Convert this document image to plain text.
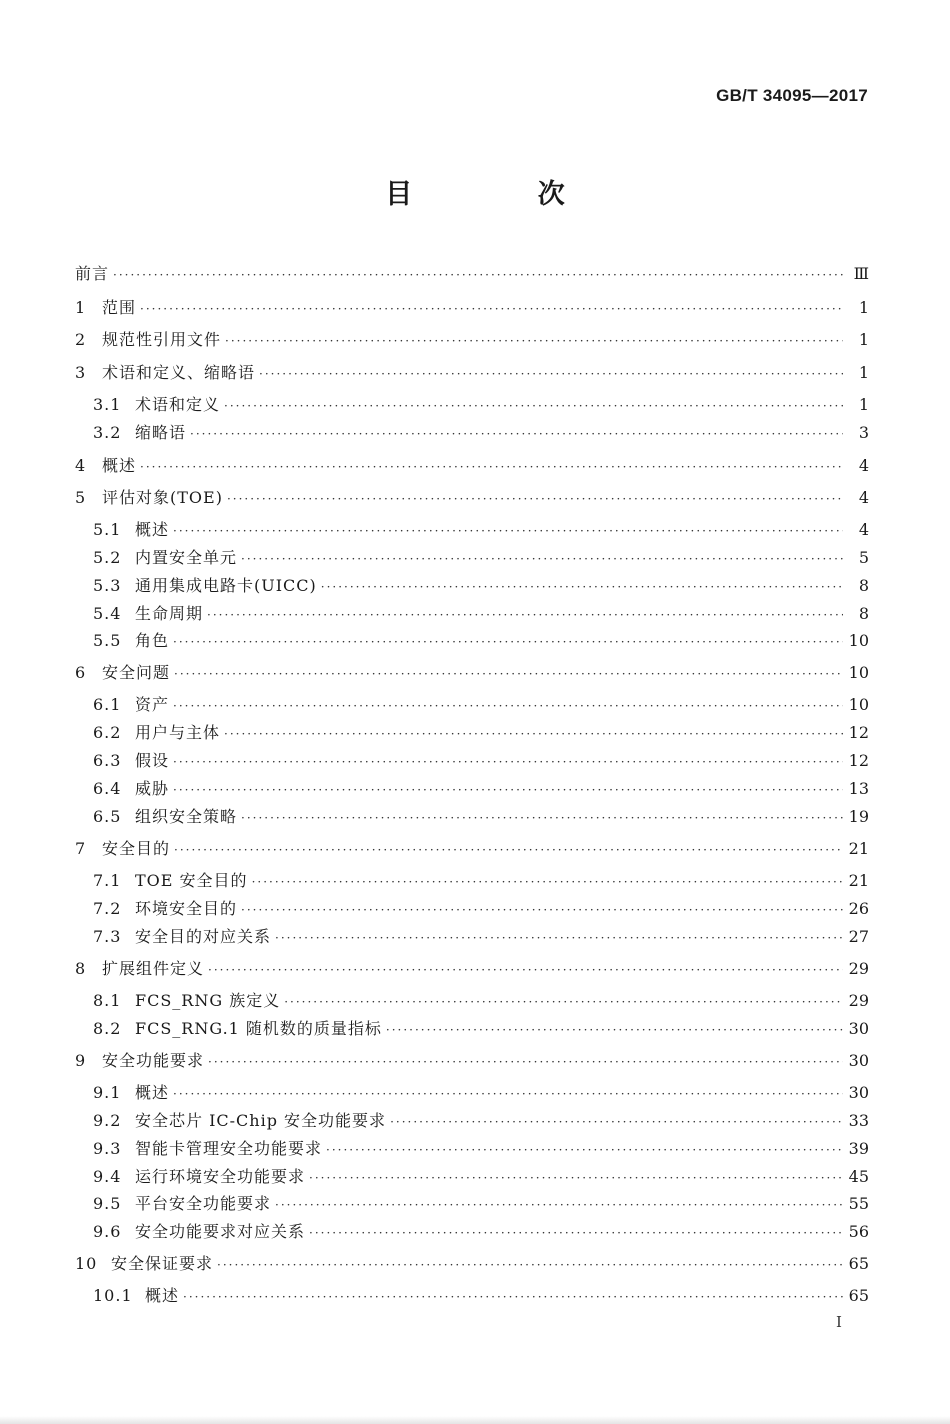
GB/T 34095—2017
目 次
前言 ·····	Ⅲ
1 范围 ·····	1
2 规范性引用文件 ·····	1
3 术语和定义、缩略语 ·····	1
3.1 术语和定义 ·····	1
3.2 缩略语 ·····	3
4 概述 ·····	4
5 评估对象(TOE) ·····	4
5.1 概述 ·····	4
5.2 内置安全单元 ·····	5
5.3 通用集成电路卡(UICC) ·····	8
5.4 生命周期 ·····	8
5.5 角色 ·····	10
6 安全问题 ·····	10
6.1 资产 ·····	10
6.2 用户与主体 ·····	12
6.3 假设 ·····	12
6.4 威胁 ·····	13
6.5 组织安全策略 ·····	19
7 安全目的 ·····	21
7.1 TOE 安全目的 ·····	21
7.2 环境安全目的 ·····	26
7.3 安全目的对应关系 ·····	27
8 扩展组件定义 ·····	29
8.1 FCS_RNG 族定义 ·····	29
8.2 FCS_RNG.1 随机数的质量指标 ·····	30
9 安全功能要求 ·····	30
9.1 概述 ·····	30
9.2 安全芯片 IC-Chip 安全功能要求 ·····	33
9.3 智能卡管理安全功能要求 ·····	39
9.4 运行环境安全功能要求 ·····	45
9.5 平台安全功能要求 ·····	55
9.6 安全功能要求对应关系 ·····	56
10 安全保证要求 ·····	65
10.1 概述 ·····	65
I
